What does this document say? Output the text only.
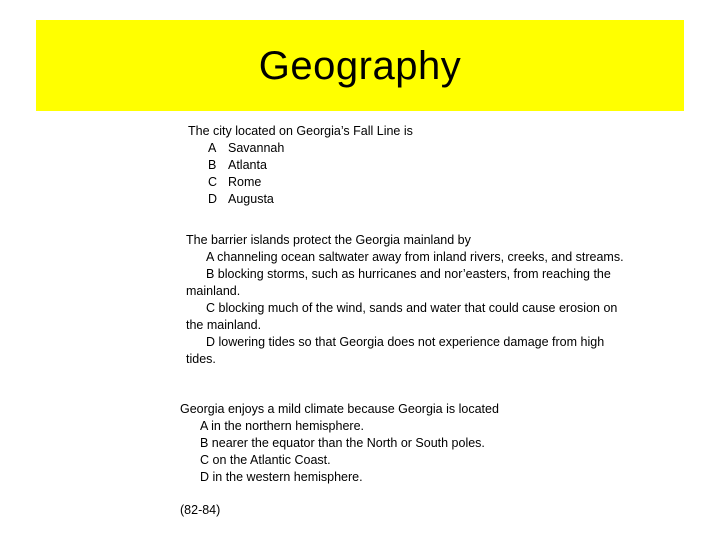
Geography
The city located on Georgia’s Fall Line is
A Savannah
B Atlanta
C Rome
D Augusta
The barrier islands protect the Georgia mainland by
A channeling ocean saltwater away from inland rivers, creeks, and streams.
B blocking storms, such as hurricanes and nor’easters, from reaching the mainland.
C blocking much of the wind, sands and water that could cause erosion on the mainland.
D lowering tides so that Georgia does not experience damage from high tides.
Georgia enjoys a mild climate because Georgia is located
A in the northern hemisphere.
B nearer the equator than the North or South poles.
C on the Atlantic Coast.
D in the western hemisphere.
(82-84)
